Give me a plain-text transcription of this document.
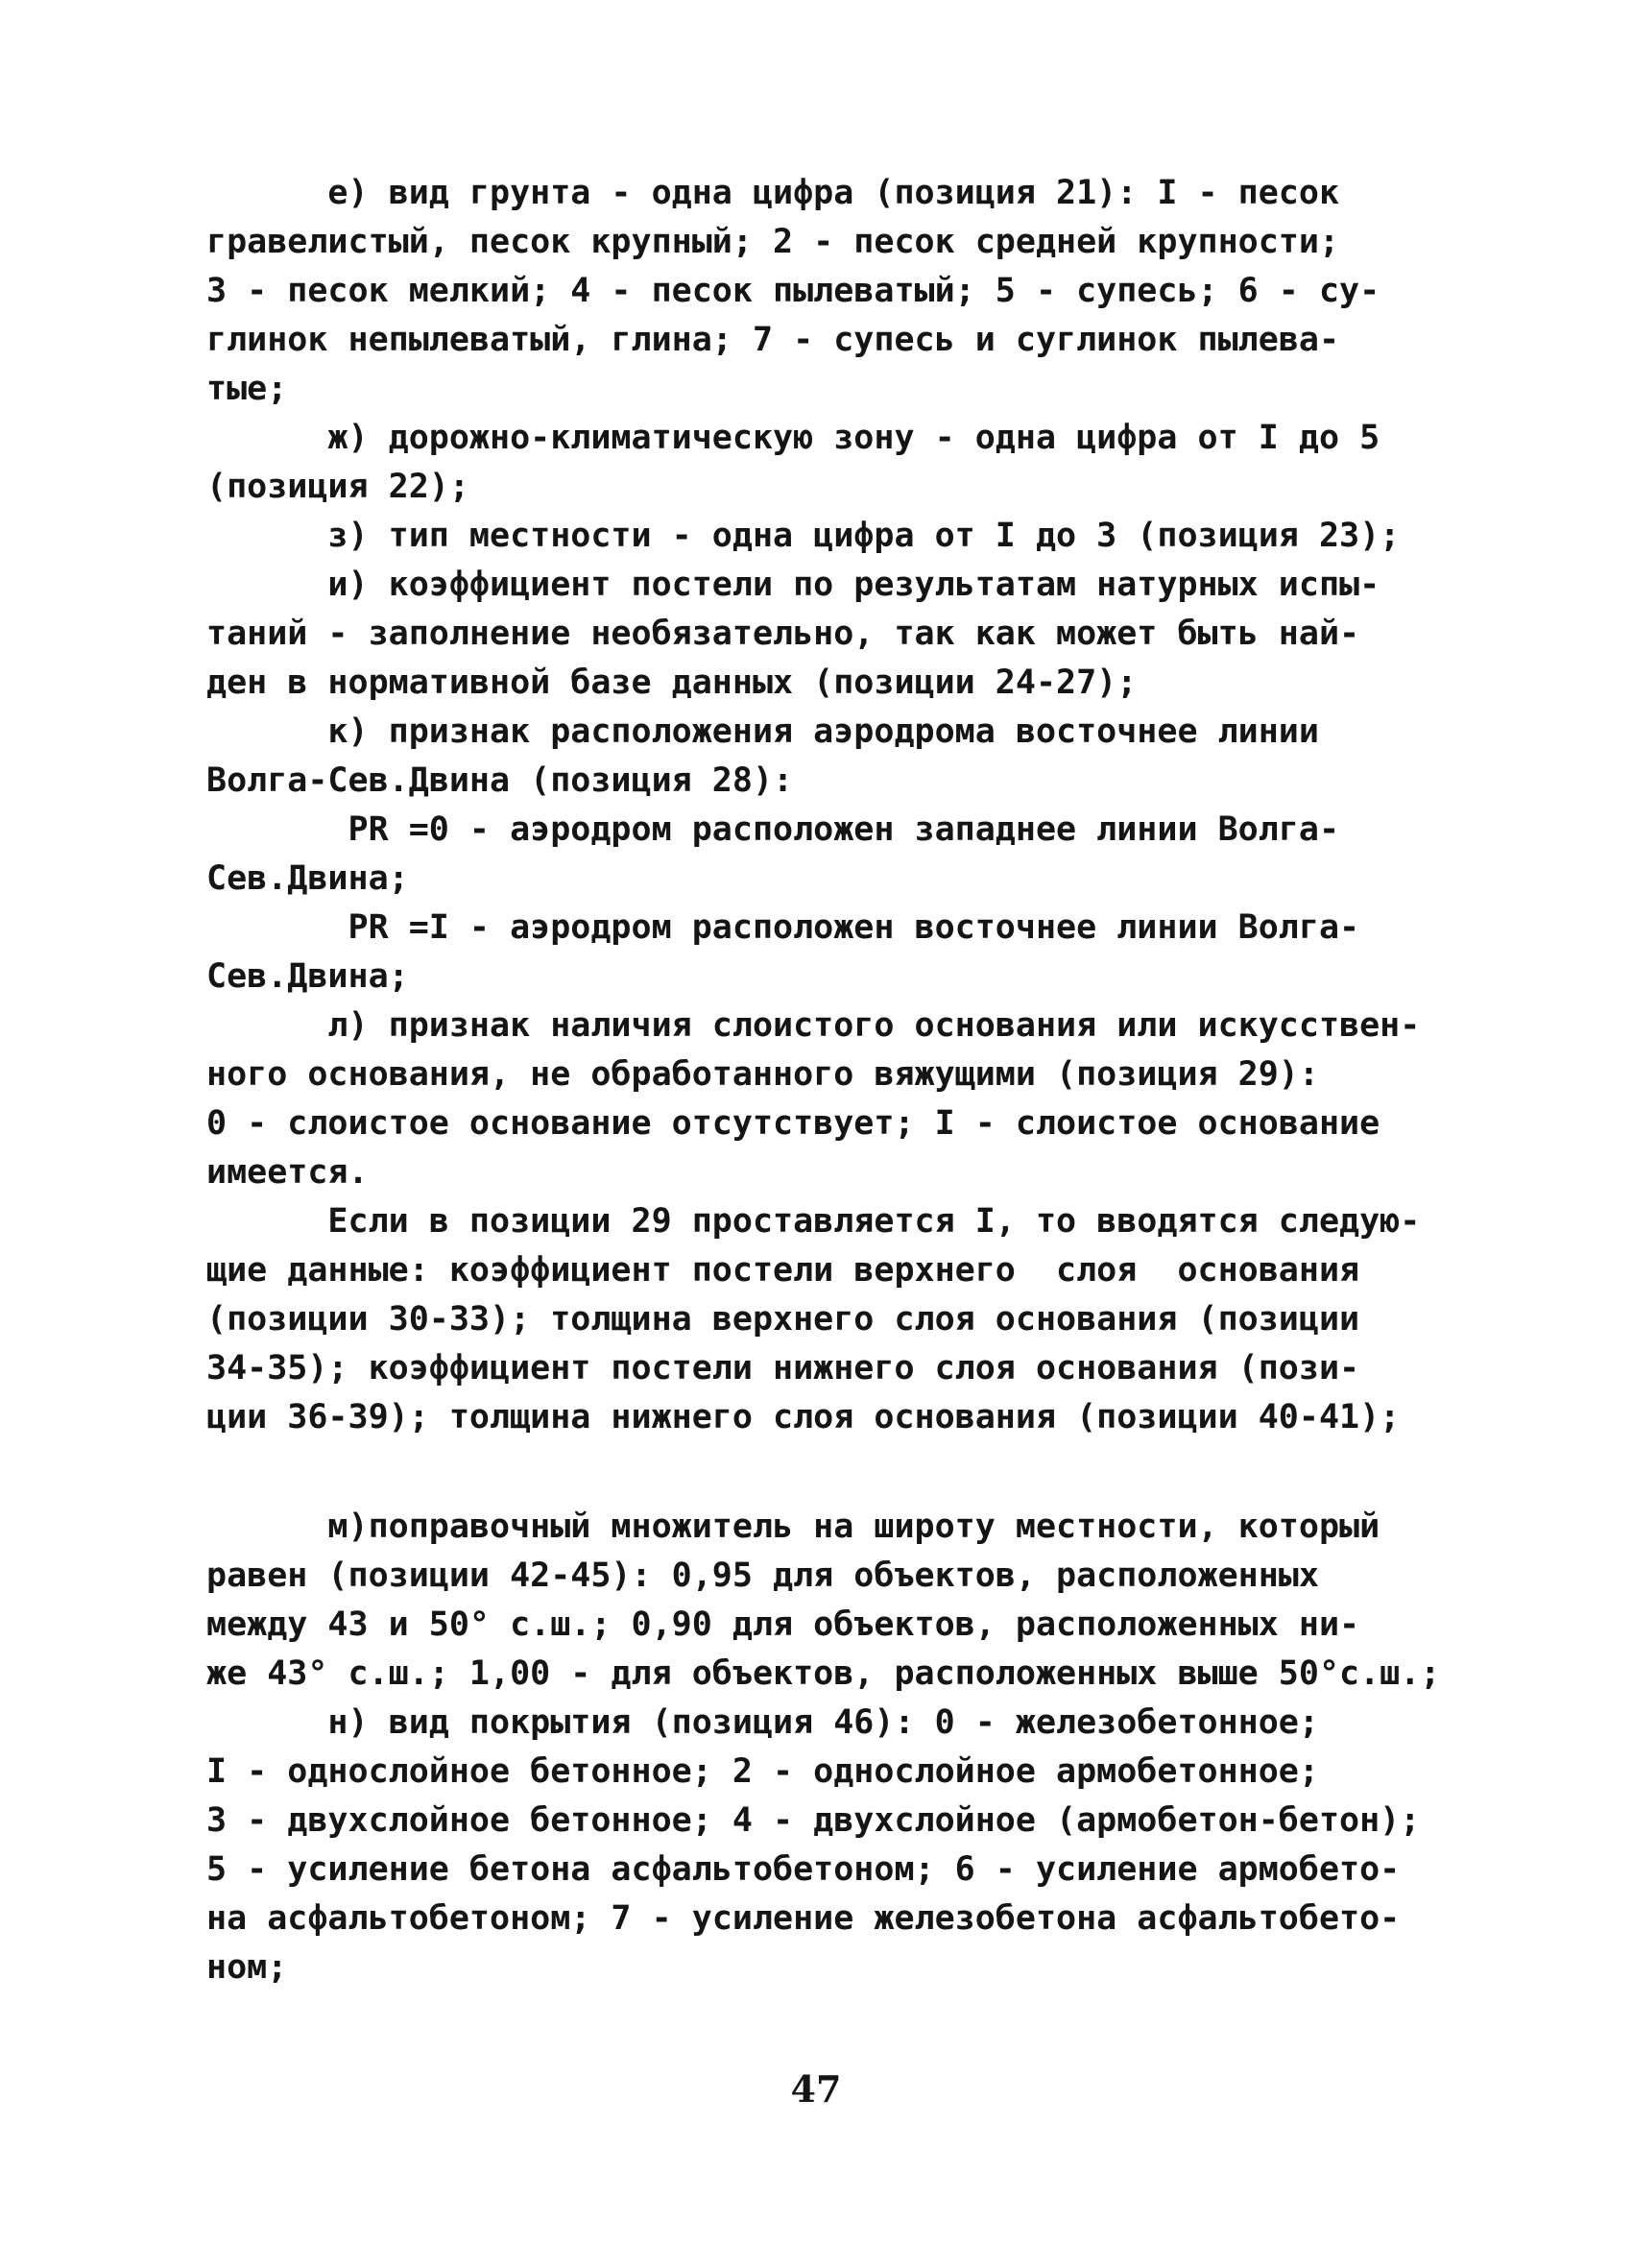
е) вид грунта - одна цифра (позиция 21): I - песок
гравелистый, песок крупный; 2 - песок средней крупности;
3 - песок мелкий; 4 - песок пылеватый; 5 - супесь; 6 - су-
глинок непылеватый, глина; 7 - супесь и суглинок пылева-
тые;
ж) дорожно-климатическую зону - одна цифра от I до 5
(позиция 22);
з) тип местности - одна цифра от I до 3 (позиция 23);
и) коэффициент постели по результатам натурных испы-
таний - заполнение необязательно, так как может быть най-
ден в нормативной базе данных (позиции 24-27);
к) признак расположения аэродрома восточнее линии
Волга-Сев.Двина (позиция 28):
PR =0 - аэродром расположен западнее линии Волга-
Сев.Двина;
PR =I - аэродром расположен восточнее линии Волга-
Сев.Двина;
л) признак наличия слоистого основания или искусствен-
ного основания, не обработанного вяжущими (позиция 29):
0 - слоистое основание отсутствует; I - слоистое основание
имеется.
Если в позиции 29 проставляется I, то вводятся следую-
щие данные: коэффициент постели верхнего  слоя  основания
(позиции 30-33); толщина верхнего слоя основания (позиции
34-35); коэффициент постели нижнего слоя основания (пози-
ции 36-39); толщина нижнего слоя основания (позиции 40-41);
м)поправочный множитель на широту местности, который
равен (позиции 42-45): 0,95 для объектов, расположенных
между 43 и 50° с.ш.; 0,90 для объектов, расположенных ни-
же 43° с.ш.; 1,00 - для объектов, расположенных выше 50°с.ш.;
н) вид покрытия (позиция 46): 0 - железобетонное;
I - однослойное бетонное; 2 - однослойное армобетонное;
3 - двухслойное бетонное; 4 - двухслойное (армобетон-бетон);
5 - усиление бетона асфальтобетоном; 6 - усиление армобето-
на асфальтобетоном; 7 - усиление железобетона асфальтобето-
ном;
47
